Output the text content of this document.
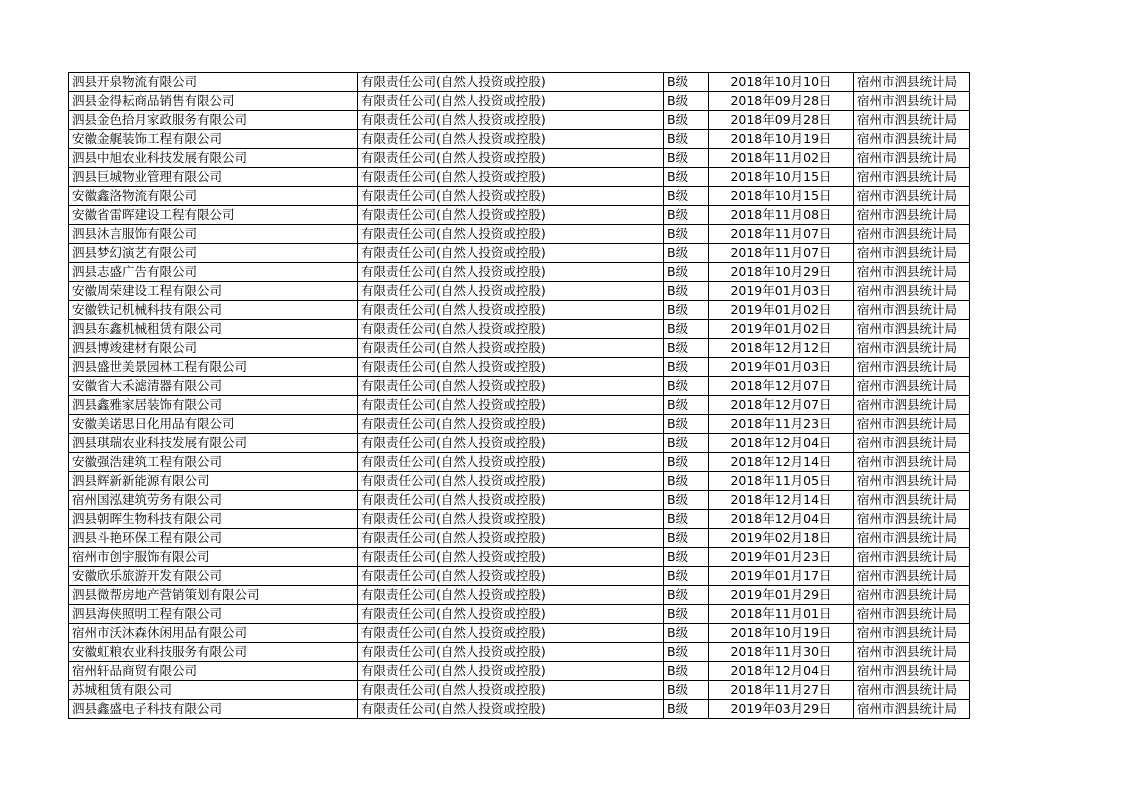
泗县开泉物流有限公司	有限责任公司(自然人投资或控股)	B级	2018年10月10日	宿州市泗县统计局
泗县金得耘商品销售有限公司	有限责任公司(自然人投资或控股)	B级	2018年09月28日	宿州市泗县统计局
泗县金色拾月家政服务有限公司	有限责任公司(自然人投资或控股)	B级	2018年09月28日	宿州市泗县统计局
安徽金艉装饰工程有限公司	有限责任公司(自然人投资或控股)	B级	2018年10月19日	宿州市泗县统计局
泗县中旭农业科技发展有限公司	有限责任公司(自然人投资或控股)	B级	2018年11月02日	宿州市泗县统计局
泗县巨城物业管理有限公司	有限责任公司(自然人投资或控股)	B级	2018年10月15日	宿州市泗县统计局
安徽鑫洛物流有限公司	有限责任公司(自然人投资或控股)	B级	2018年10月15日	宿州市泗县统计局
安徽省雷晖建设工程有限公司	有限责任公司(自然人投资或控股)	B级	2018年11月08日	宿州市泗县统计局
泗县沐言服饰有限公司	有限责任公司(自然人投资或控股)	B级	2018年11月07日	宿州市泗县统计局
泗县梦幻演艺有限公司	有限责任公司(自然人投资或控股)	B级	2018年11月07日	宿州市泗县统计局
泗县志盛广告有限公司	有限责任公司(自然人投资或控股)	B级	2018年10月29日	宿州市泗县统计局
安徽周荣建设工程有限公司	有限责任公司(自然人投资或控股)	B级	2019年01月03日	宿州市泗县统计局
安徽铁记机械科技有限公司	有限责任公司(自然人投资或控股)	B级	2019年01月02日	宿州市泗县统计局
泗县东鑫机械租赁有限公司	有限责任公司(自然人投资或控股)	B级	2019年01月02日	宿州市泗县统计局
泗县博竣建材有限公司	有限责任公司(自然人投资或控股)	B级	2018年12月12日	宿州市泗县统计局
泗县盛世美景园林工程有限公司	有限责任公司(自然人投资或控股)	B级	2019年01月03日	宿州市泗县统计局
安徽省大禾滤清器有限公司	有限责任公司(自然人投资或控股)	B级	2018年12月07日	宿州市泗县统计局
泗县鑫雅家居装饰有限公司	有限责任公司(自然人投资或控股)	B级	2018年12月07日	宿州市泗县统计局
安徽美诺思日化用品有限公司	有限责任公司(自然人投资或控股)	B级	2018年11月23日	宿州市泗县统计局
泗县琪瑞农业科技发展有限公司	有限责任公司(自然人投资或控股)	B级	2018年12月04日	宿州市泗县统计局
安徽强浩建筑工程有限公司	有限责任公司(自然人投资或控股)	B级	2018年12月14日	宿州市泗县统计局
泗县辉新新能源有限公司	有限责任公司(自然人投资或控股)	B级	2018年11月05日	宿州市泗县统计局
宿州国泓建筑劳务有限公司	有限责任公司(自然人投资或控股)	B级	2018年12月14日	宿州市泗县统计局
泗县朝晖生物科技有限公司	有限责任公司(自然人投资或控股)	B级	2018年12月04日	宿州市泗县统计局
泗县斗艳环保工程有限公司	有限责任公司(自然人投资或控股)	B级	2019年02月18日	宿州市泗县统计局
宿州市创宇服饰有限公司	有限责任公司(自然人投资或控股)	B级	2019年01月23日	宿州市泗县统计局
安徽欣乐旅游开发有限公司	有限责任公司(自然人投资或控股)	B级	2019年01月17日	宿州市泗县统计局
泗县微帮房地产营销策划有限公司	有限责任公司(自然人投资或控股)	B级	2019年01月29日	宿州市泗县统计局
泗县海侠照明工程有限公司	有限责任公司(自然人投资或控股)	B级	2018年11月01日	宿州市泗县统计局
宿州市沃沐森休闲用品有限公司	有限责任公司(自然人投资或控股)	B级	2018年10月19日	宿州市泗县统计局
安徽虹粮农业科技服务有限公司	有限责任公司(自然人投资或控股)	B级	2018年11月30日	宿州市泗县统计局
宿州轩品商贸有限公司	有限责任公司(自然人投资或控股)	B级	2018年12月04日	宿州市泗县统计局
苏城租赁有限公司	有限责任公司(自然人投资或控股)	B级	2018年11月27日	宿州市泗县统计局
泗县鑫盛电子科技有限公司	有限责任公司(自然人投资或控股)	B级	2019年03月29日	宿州市泗县统计局
